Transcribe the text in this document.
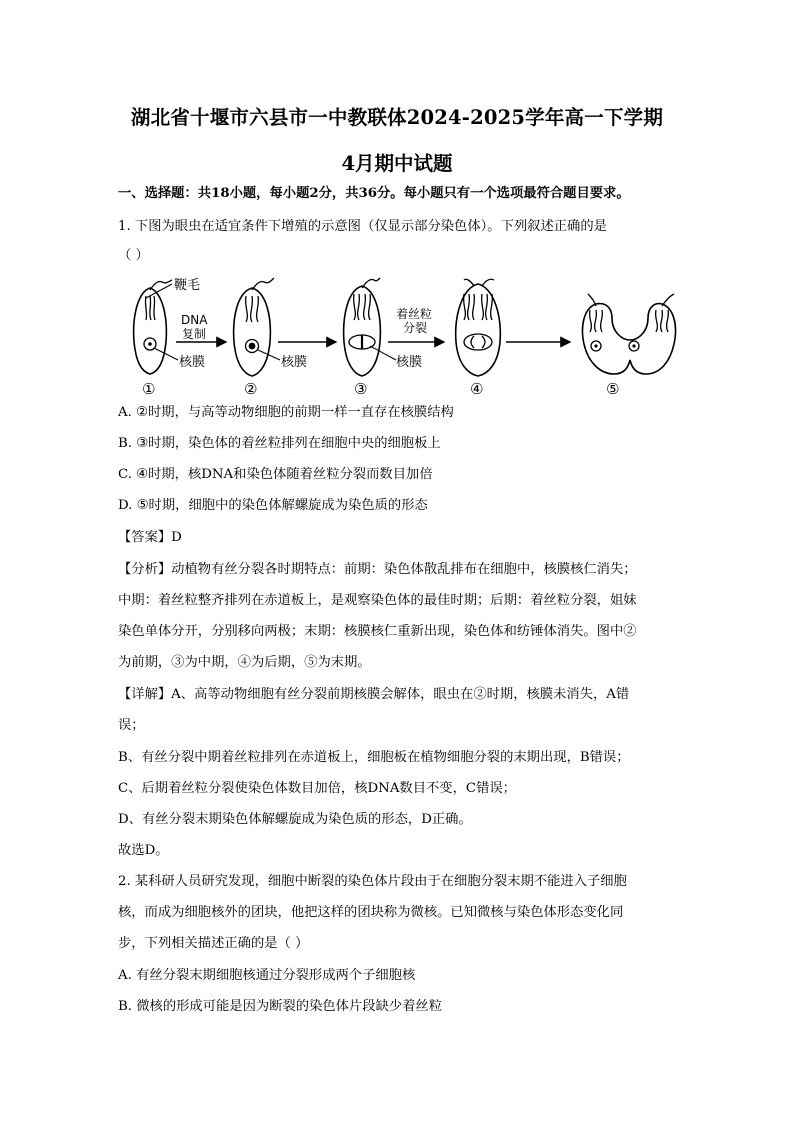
湖北省十堰市六县市一中教联体2024-2025学年高一下学期
4月期中试题
一、选择题：共18小题，每小题2分，共36分。每小题只有一个选项最符合题目要求。
1. 下图为眼虫在适宜条件下增殖的示意图（仅显示部分染色体）。下列叙述正确的是
（ ）
鞭毛
DNA
复制
核膜	核膜	核膜
着丝粒
分裂
①	②	③	④	⑤
A. ②时期，与高等动物细胞的前期一样一直存在核膜结构
B. ③时期，染色体的着丝粒排列在细胞中央的细胞板上
C. ④时期，核DNA和染色体随着丝粒分裂而数目加倍
D. ⑤时期，细胞中的染色体解螺旋成为染色质的形态
【答案】D
【分析】动植物有丝分裂各时期特点：前期：染色体散乱排布在细胞中，核膜核仁消失；
中期：着丝粒整齐排列在赤道板上，是观察染色体的最佳时期；后期：着丝粒分裂，姐妹
染色单体分开，分别移向两极；末期：核膜核仁重新出现，染色体和纺锤体消失。图中②
为前期，③为中期，④为后期，⑤为末期。
【详解】A、高等动物细胞有丝分裂前期核膜会解体，眼虫在②时期，核膜未消失，A错
误；
B、有丝分裂中期着丝粒排列在赤道板上，细胞板在植物细胞分裂的末期出现，B错误；
C、后期着丝粒分裂使染色体数目加倍，核DNA数目不变，C错误；
D、有丝分裂末期染色体解螺旋成为染色质的形态，D正确。
故选D。
2. 某科研人员研究发现，细胞中断裂的染色体片段由于在细胞分裂末期不能进入子细胞
核，而成为细胞核外的团块，他把这样的团块称为微核。已知微核与染色体形态变化同
步，下列相关描述正确的是（ ）
A. 有丝分裂末期细胞核通过分裂形成两个子细胞核
B. 微核的形成可能是因为断裂的染色体片段缺少着丝粒
